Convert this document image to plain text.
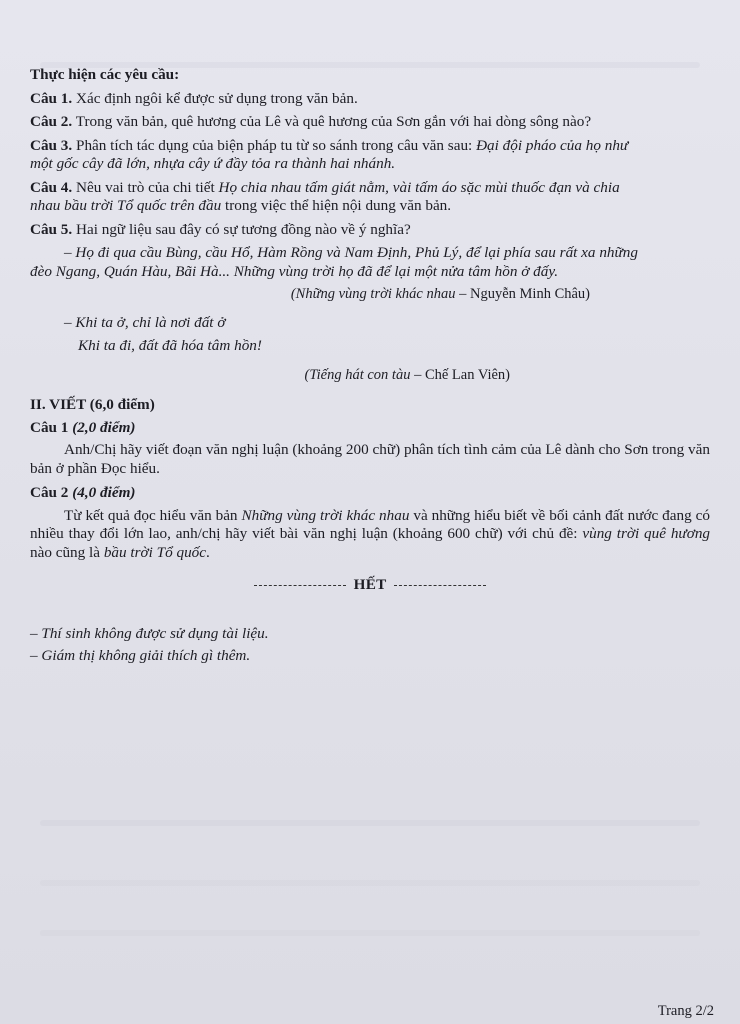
Thực hiện các yêu cầu:
Câu 1. Xác định ngôi kể được sử dụng trong văn bản.
Câu 2. Trong văn bản, quê hương của Lê và quê hương của Sơn gắn với hai dòng sông nào?
Câu 3. Phân tích tác dụng của biện pháp tu từ so sánh trong câu văn sau: Đại đội pháo của họ như
một gốc cây đã lớn, nhựa cây ứ đầy tỏa ra thành hai nhánh.
Câu 4. Nêu vai trò của chi tiết Họ chia nhau tấm giát nằm, vài tấm áo sặc mùi thuốc đạn và chia
nhau bầu trời Tổ quốc trên đầu trong việc thể hiện nội dung văn bản.
Câu 5. Hai ngữ liệu sau đây có sự tương đồng nào về ý nghĩa?
– Họ đi qua cầu Bùng, cầu Hổ, Hàm Rồng và Nam Định, Phủ Lý, để lại phía sau rất xa những
đèo Ngang, Quán Hàu, Bãi Hà... Những vùng trời họ đã để lại một nửa tâm hồn ở đấy.
(Những vùng trời khác nhau – Nguyễn Minh Châu)
– Khi ta ở, chỉ là nơi đất ở
Khi ta đi, đất đã hóa tâm hồn!
(Tiếng hát con tàu – Chế Lan Viên)
II. VIẾT (6,0 điểm)
Câu 1 (2,0 điểm)
Anh/Chị hãy viết đoạn văn nghị luận (khoảng 200 chữ) phân tích tình cảm của Lê dành cho Sơn trong văn bản ở phần Đọc hiểu.
Câu 2 (4,0 điểm)
Từ kết quả đọc hiểu văn bản Những vùng trời khác nhau và những hiểu biết về bối cảnh đất nước đang có nhiều thay đổi lớn lao, anh/chị hãy viết bài văn nghị luận (khoảng 600 chữ) với chủ đề: vùng trời quê hương nào cũng là bầu trời Tổ quốc.
HẾT
– Thí sinh không được sử dụng tài liệu.
– Giám thị không giải thích gì thêm.
Trang 2/2
